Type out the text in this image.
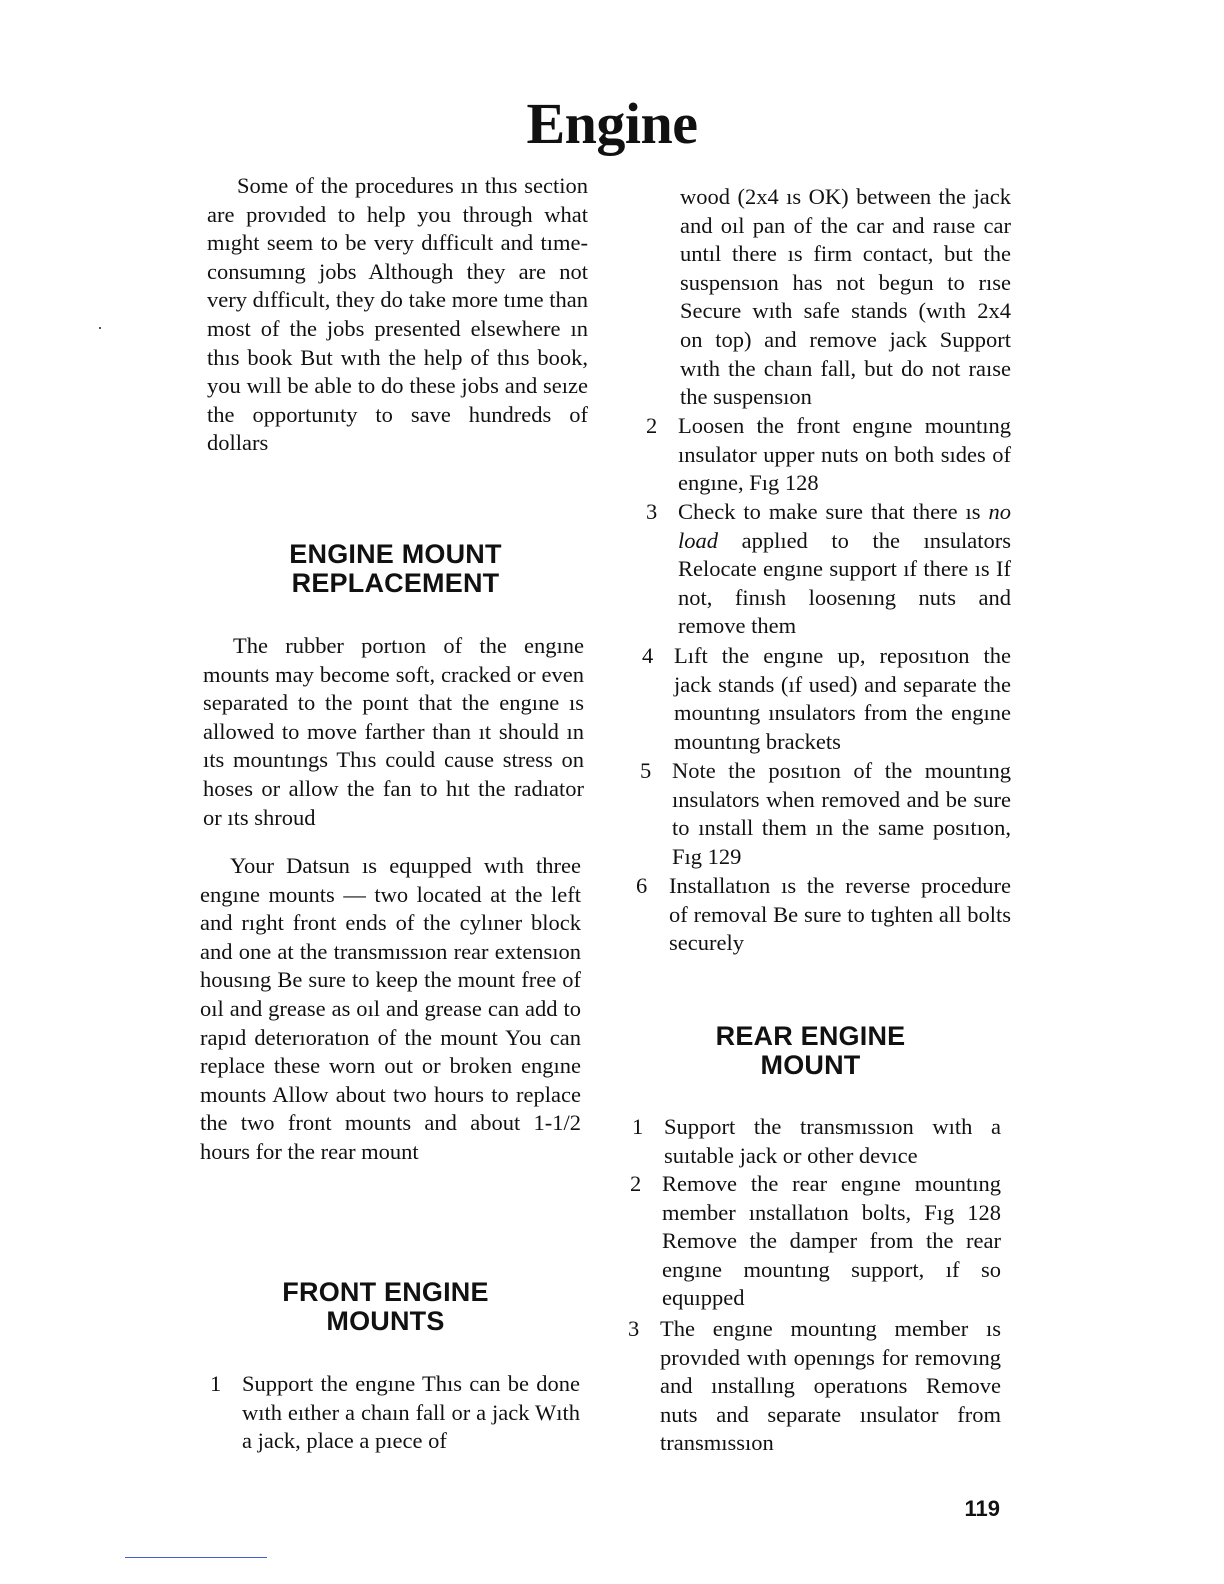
Engine

Some of the procedures ın thıs section are provıded to help you through what mıght seem to be very dıfficult and tıme-consumıng jobs Although they are not very dıfficult, they do take more tıme than most of the jobs presented elsewhere ın thıs book But wıth the help of thıs book, you wıll be able to do these jobs and seıze the opportunıty to save hundreds of dollars

ENGINE MOUNT
REPLACEMENT

The rubber portıon of the engıne mounts may become soft, cracked or even separated to the poınt that the engıne ıs allowed to move farther than ıt should ın ıts mountıngs Thıs could cause stress on hoses or allow the fan to hıt the radıator or ıts shroud

Your Datsun ıs equıpped wıth three engıne mounts — two located at the left and rıght front ends of the cylıner block and one at the transmıssıon rear extensıon housıng Be sure to keep the mount free of oıl and grease as oıl and grease can add to rapıd deterıoratıon of the mount You can replace these worn out or broken engıne mounts Allow about two hours to replace the two front mounts and about 1-1/2 hours for the rear mount

FRONT ENGINE
MOUNTS
1 Support the engıne Thıs can be done wıth eıther a chaın fall or a jack Wıth a jack, place a pıece of

wood (2x4 ıs OK) between the jack and oıl pan of the car and raıse car untıl there ıs firm contact, but the suspensıon has not begun to rıse Secure wıth safe stands (wıth 2x4 on top) and remove jack Support wıth the chaın fall, but do not raıse the suspensıon

2 Loosen the front engıne mountıng ınsulator upper nuts on both sıdes of engıne, Fıg 128
3 Check to make sure that there ıs no load applıed to the ınsulators Relocate engıne support ıf there ıs If not, finısh loosenıng nuts and remove them
4 Lıft the engıne up, reposıtıon the jack stands (ıf used) and separate the mountıng ınsulators from the engıne mountıng brackets
5 Note the posıtıon of the mountıng ınsulators when removed and be sure to ınstall them ın the same posıtıon, Fıg 129
6 Installatıon ıs the reverse procedure of removal Be sure to tıghten all bolts securely
REAR ENGINE
MOUNT
1 Support the transmıssıon wıth a suıtable jack or other devıce
2 Remove the rear engıne mountıng member ınstallatıon bolts, Fıg 128 Remove the damper from the rear engıne mountıng support, ıf so equıpped
3 The engıne mountıng member ıs provıded wıth openıngs for removıng and ınstallıng operatıons Remove nuts and separate ınsulator from transmıssıon
119
